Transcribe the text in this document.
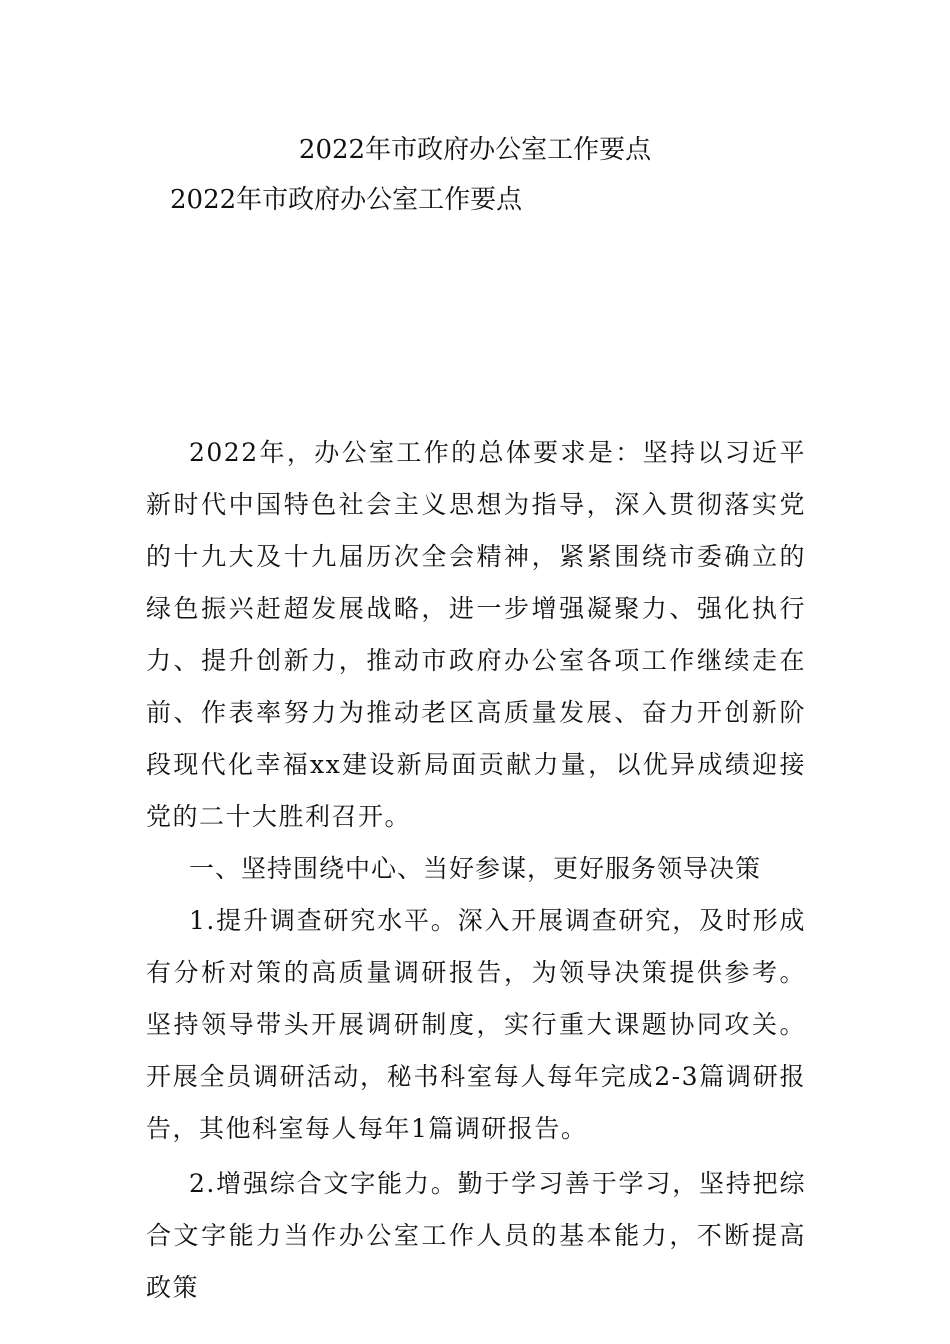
2022年市政府办公室工作要点
2022年市政府办公室工作要点

2022年，办公室工作的总体要求是：坚持以习近平新时代中国特色社会主义思想为指导，深入贯彻落实党的十九大及十九届历次全会精神，紧紧围绕市委确立的绿色振兴赶超发展战略，进一步增强凝聚力、强化执行力、提升创新力，推动市政府办公室各项工作继续走在前、作表率努力为推动老区高质量发展、奋力开创新阶段现代化幸福xx建设新局面贡献力量，以优异成绩迎接党的二十大胜利召开。

一、坚持围绕中心、当好参谋，更好服务领导决策

1.提升调查研究水平。深入开展调查研究，及时形成有分析对策的高质量调研报告，为领导决策提供参考。坚持领导带头开展调研制度，实行重大课题协同攻关。开展全员调研活动，秘书科室每人每年完成2-3篇调研报告，其他科室每人每年1篇调研报告。

2.增强综合文字能力。勤于学习善于学习，坚持把综合文字能力当作办公室工作人员的基本能力，不断提高政策
